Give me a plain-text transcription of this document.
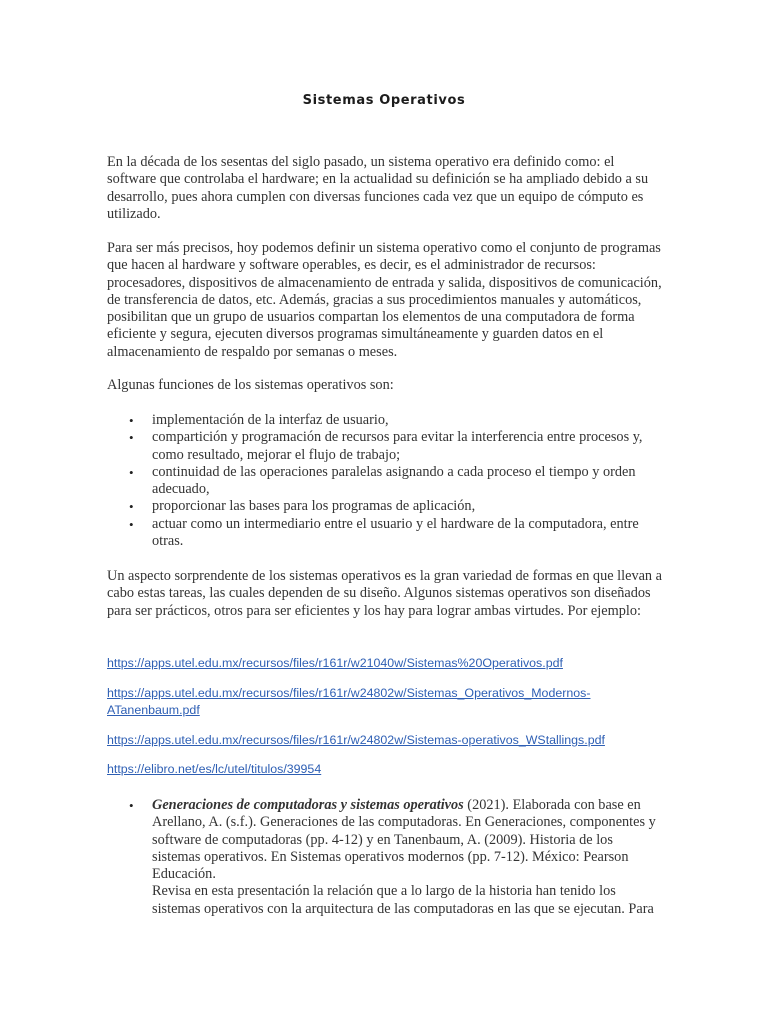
Sistemas Operativos
En la década de los sesentas del siglo pasado, un sistema operativo era definido como: el software que controlaba el hardware; en la actualidad su definición se ha ampliado debido a su desarrollo, pues ahora cumplen con diversas funciones cada vez que un equipo de cómputo es utilizado.
Para ser más precisos, hoy podemos definir un sistema operativo como el conjunto de programas que hacen al hardware y software operables, es decir, es el administrador de recursos: procesadores, dispositivos de almacenamiento de entrada y salida, dispositivos de comunicación, de transferencia de datos, etc. Además, gracias a sus procedimientos manuales y automáticos, posibilitan que un grupo de usuarios compartan los elementos de una computadora de forma eficiente y segura, ejecuten diversos programas simultáneamente y guarden datos en el almacenamiento de respaldo por semanas o meses.
Algunas funciones de los sistemas operativos son:
• implementación de la interfaz de usuario,
• compartición y programación de recursos para evitar la interferencia entre procesos y, como resultado, mejorar el flujo de trabajo;
• continuidad de las operaciones paralelas asignando a cada proceso el tiempo y orden adecuado,
• proporcionar las bases para los programas de aplicación,
• actuar como un intermediario entre el usuario y el hardware de la computadora, entre otras.
Un aspecto sorprendente de los sistemas operativos es la gran variedad de formas en que llevan a cabo estas tareas, las cuales dependen de su diseño. Algunos sistemas operativos son diseñados para ser prácticos, otros para ser eficientes y los hay para lograr ambas virtudes. Por ejemplo:
https://apps.utel.edu.mx/recursos/files/r161r/w21040w/Sistemas%20Operativos.pdf
https://apps.utel.edu.mx/recursos/files/r161r/w24802w/Sistemas_Operativos_Modernos-ATanenbaum.pdf
https://apps.utel.edu.mx/recursos/files/r161r/w24802w/Sistemas-operativos_WStallings.pdf
https://elibro.net/es/lc/utel/titulos/39954
• Generaciones de computadoras y sistemas operativos (2021). Elaborada con base en Arellano, A. (s.f.). Generaciones de las computadoras. En Generaciones, componentes y software de computadoras (pp. 4-12) y en Tanenbaum, A. (2009). Historia de los sistemas operativos. En Sistemas operativos modernos (pp. 7-12). México: Pearson Educación.
Revisa en esta presentación la relación que a lo largo de la historia han tenido los sistemas operativos con la arquitectura de las computadoras en las que se ejecutan. Para
